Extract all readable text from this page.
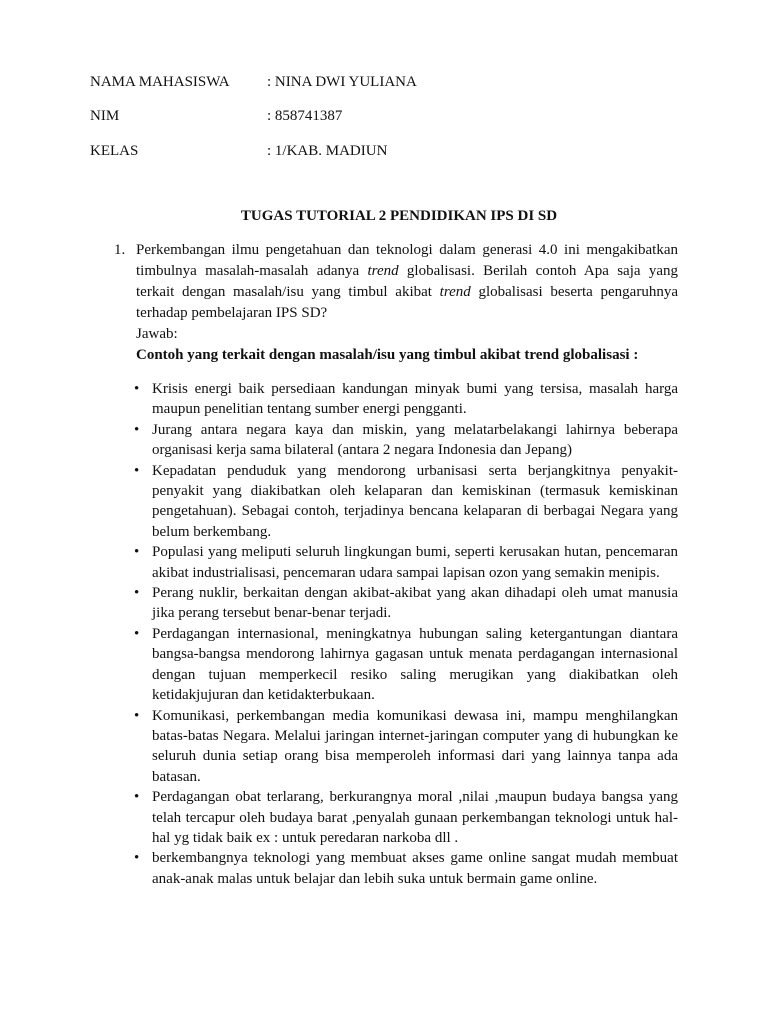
NAMA MAHASISWA	: NINA DWI YULIANA
NIM	: 858741387
KELAS	: 1/KAB. MADIUN
TUGAS TUTORIAL 2 PENDIDIKAN IPS DI SD
1. Perkembangan ilmu pengetahuan dan teknologi dalam generasi 4.0 ini mengakibatkan timbulnya masalah-masalah adanya trend globalisasi. Berilah contoh Apa saja yang terkait dengan masalah/isu yang timbul akibat trend globalisasi beserta pengaruhnya terhadap pembelajaran IPS SD?

Jawab:

Contoh yang terkait dengan masalah/isu yang timbul akibat trend globalisasi :

• Krisis energi baik persediaan kandungan minyak bumi yang tersisa, masalah harga maupun penelitian tentang sumber energi pengganti.
• Jurang antara negara kaya dan miskin, yang melatarbelakangi lahirnya beberapa organisasi kerja sama bilateral (antara 2 negara Indonesia dan Jepang)
• Kepadatan penduduk yang mendorong urbanisasi serta berjangkitnya penyakit-penyakit yang diakibatkan oleh kelaparan dan kemiskinan (termasuk kemiskinan pengetahuan). Sebagai contoh, terjadinya bencana kelaparan di berbagai Negara yang belum berkembang.
• Populasi yang meliputi seluruh lingkungan bumi, seperti kerusakan hutan, pencemaran akibat industrialisasi, pencemaran udara sampai lapisan ozon yang semakin menipis.
• Perang nuklir, berkaitan dengan akibat-akibat yang akan dihadapi oleh umat manusia jika perang tersebut benar-benar terjadi.
• Perdagangan internasional, meningkatnya hubungan saling ketergantungan diantara bangsa-bangsa mendorong lahirnya gagasan untuk menata perdagangan internasional dengan tujuan memperkecil resiko saling merugikan yang diakibatkan oleh ketidakjujuran dan ketidakterbukaan.
• Komunikasi, perkembangan media komunikasi dewasa ini, mampu menghilangkan batas-batas Negara. Melalui jaringan internet-jaringan computer yang di hubungkan ke seluruh dunia setiap orang bisa memperoleh informasi dari yang lainnya tanpa ada batasan.
• Perdagangan obat terlarang, berkurangnya moral ,nilai ,maupun budaya bangsa yang telah tercapur oleh budaya barat ,penyalah gunaan perkembangan teknologi untuk hal-hal yg tidak baik ex : untuk peredaran narkoba dll .
• berkembangnya teknologi yang membuat akses game online sangat mudah membuat anak-anak malas untuk belajar dan lebih suka untuk bermain game online.
